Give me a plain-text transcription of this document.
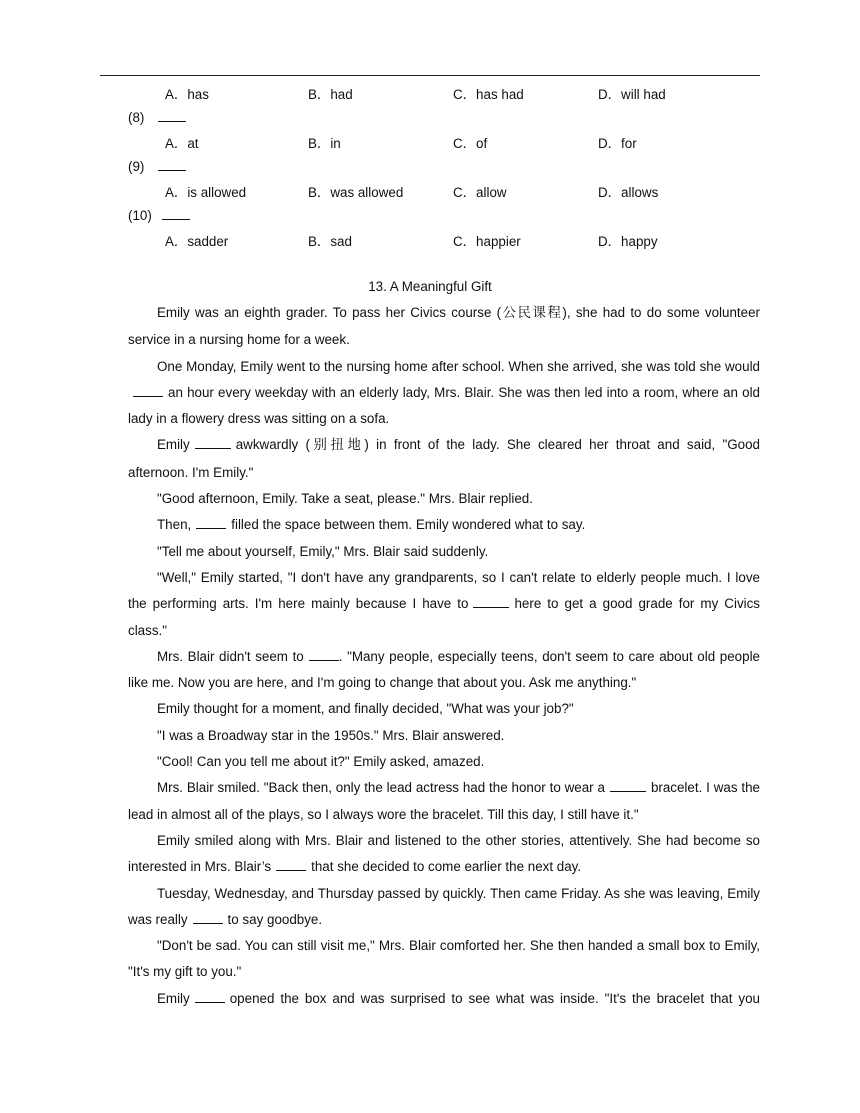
A．has	B．had	C．has had	D．will had
(8)
A．at	B．in	C．of	D．for
(9)
A．is allowed	B．was allowed	C．allow	D．allows
(10)
A．sadder	B．sad	C．happier	D．happy
13. A Meaningful Gift

Emily was an eighth grader. To pass her Civics course (公民课程), she had to do some volunteer service in a nursing home for a week.

One Monday, Emily went to the nursing home after school. When she arrived, she was told she wouldan hour every weekday with an elderly lady, Mrs. Blair. She was then led into a room, where an old lady in a flowery dress was sitting on a sofa.

Emily	awkwardly (别扭地) in front of the lady. She cleared her throat and said, "Good afternoon. I'm Emily."

"Good afternoon, Emily. Take a seat, please." Mrs. Blair replied.

Then,	filled the space between them. Emily wondered what to say.

"Tell me about yourself, Emily," Mrs. Blair said suddenly.

"Well," Emily started, "I don't have any grandparents, so I can't relate to elderly people much. I love the performing arts. I'm here mainly because I have to	here to get a good grade for my Civics class."

Mrs. Blair didn't seem to	. "Many people, especially teens, don't seem to care about old people like me. Now you are here, and I'm going to change that about you. Ask me anything."

Emily thought for a moment, and finally decided, "What was your job?"

"I was a Broadway star in the 1950s." Mrs. Blair answered.

"Cool! Can you tell me about it?" Emily asked, amazed.

Mrs. Blair smiled. "Back then, only the lead actress had the honor to wear a	bracelet. I was the lead in almost all of the plays, so I always wore the bracelet. Till this day, I still have it."

Emily smiled along with Mrs. Blair and listened to the other stories, attentively. She had become so interested in Mrs. Blair’s	that she decided to come earlier the next day.

Tuesday, Wednesday, and Thursday passed by quickly. Then came Friday. As she was leaving, Emily was really	to say goodbye.

"Don't be sad. You can still visit me," Mrs. Blair comforted her. She then handed a small box to Emily, "It's my gift to you."

Emily	opened the box and was surprised to see what was inside. "It's the bracelet that you
